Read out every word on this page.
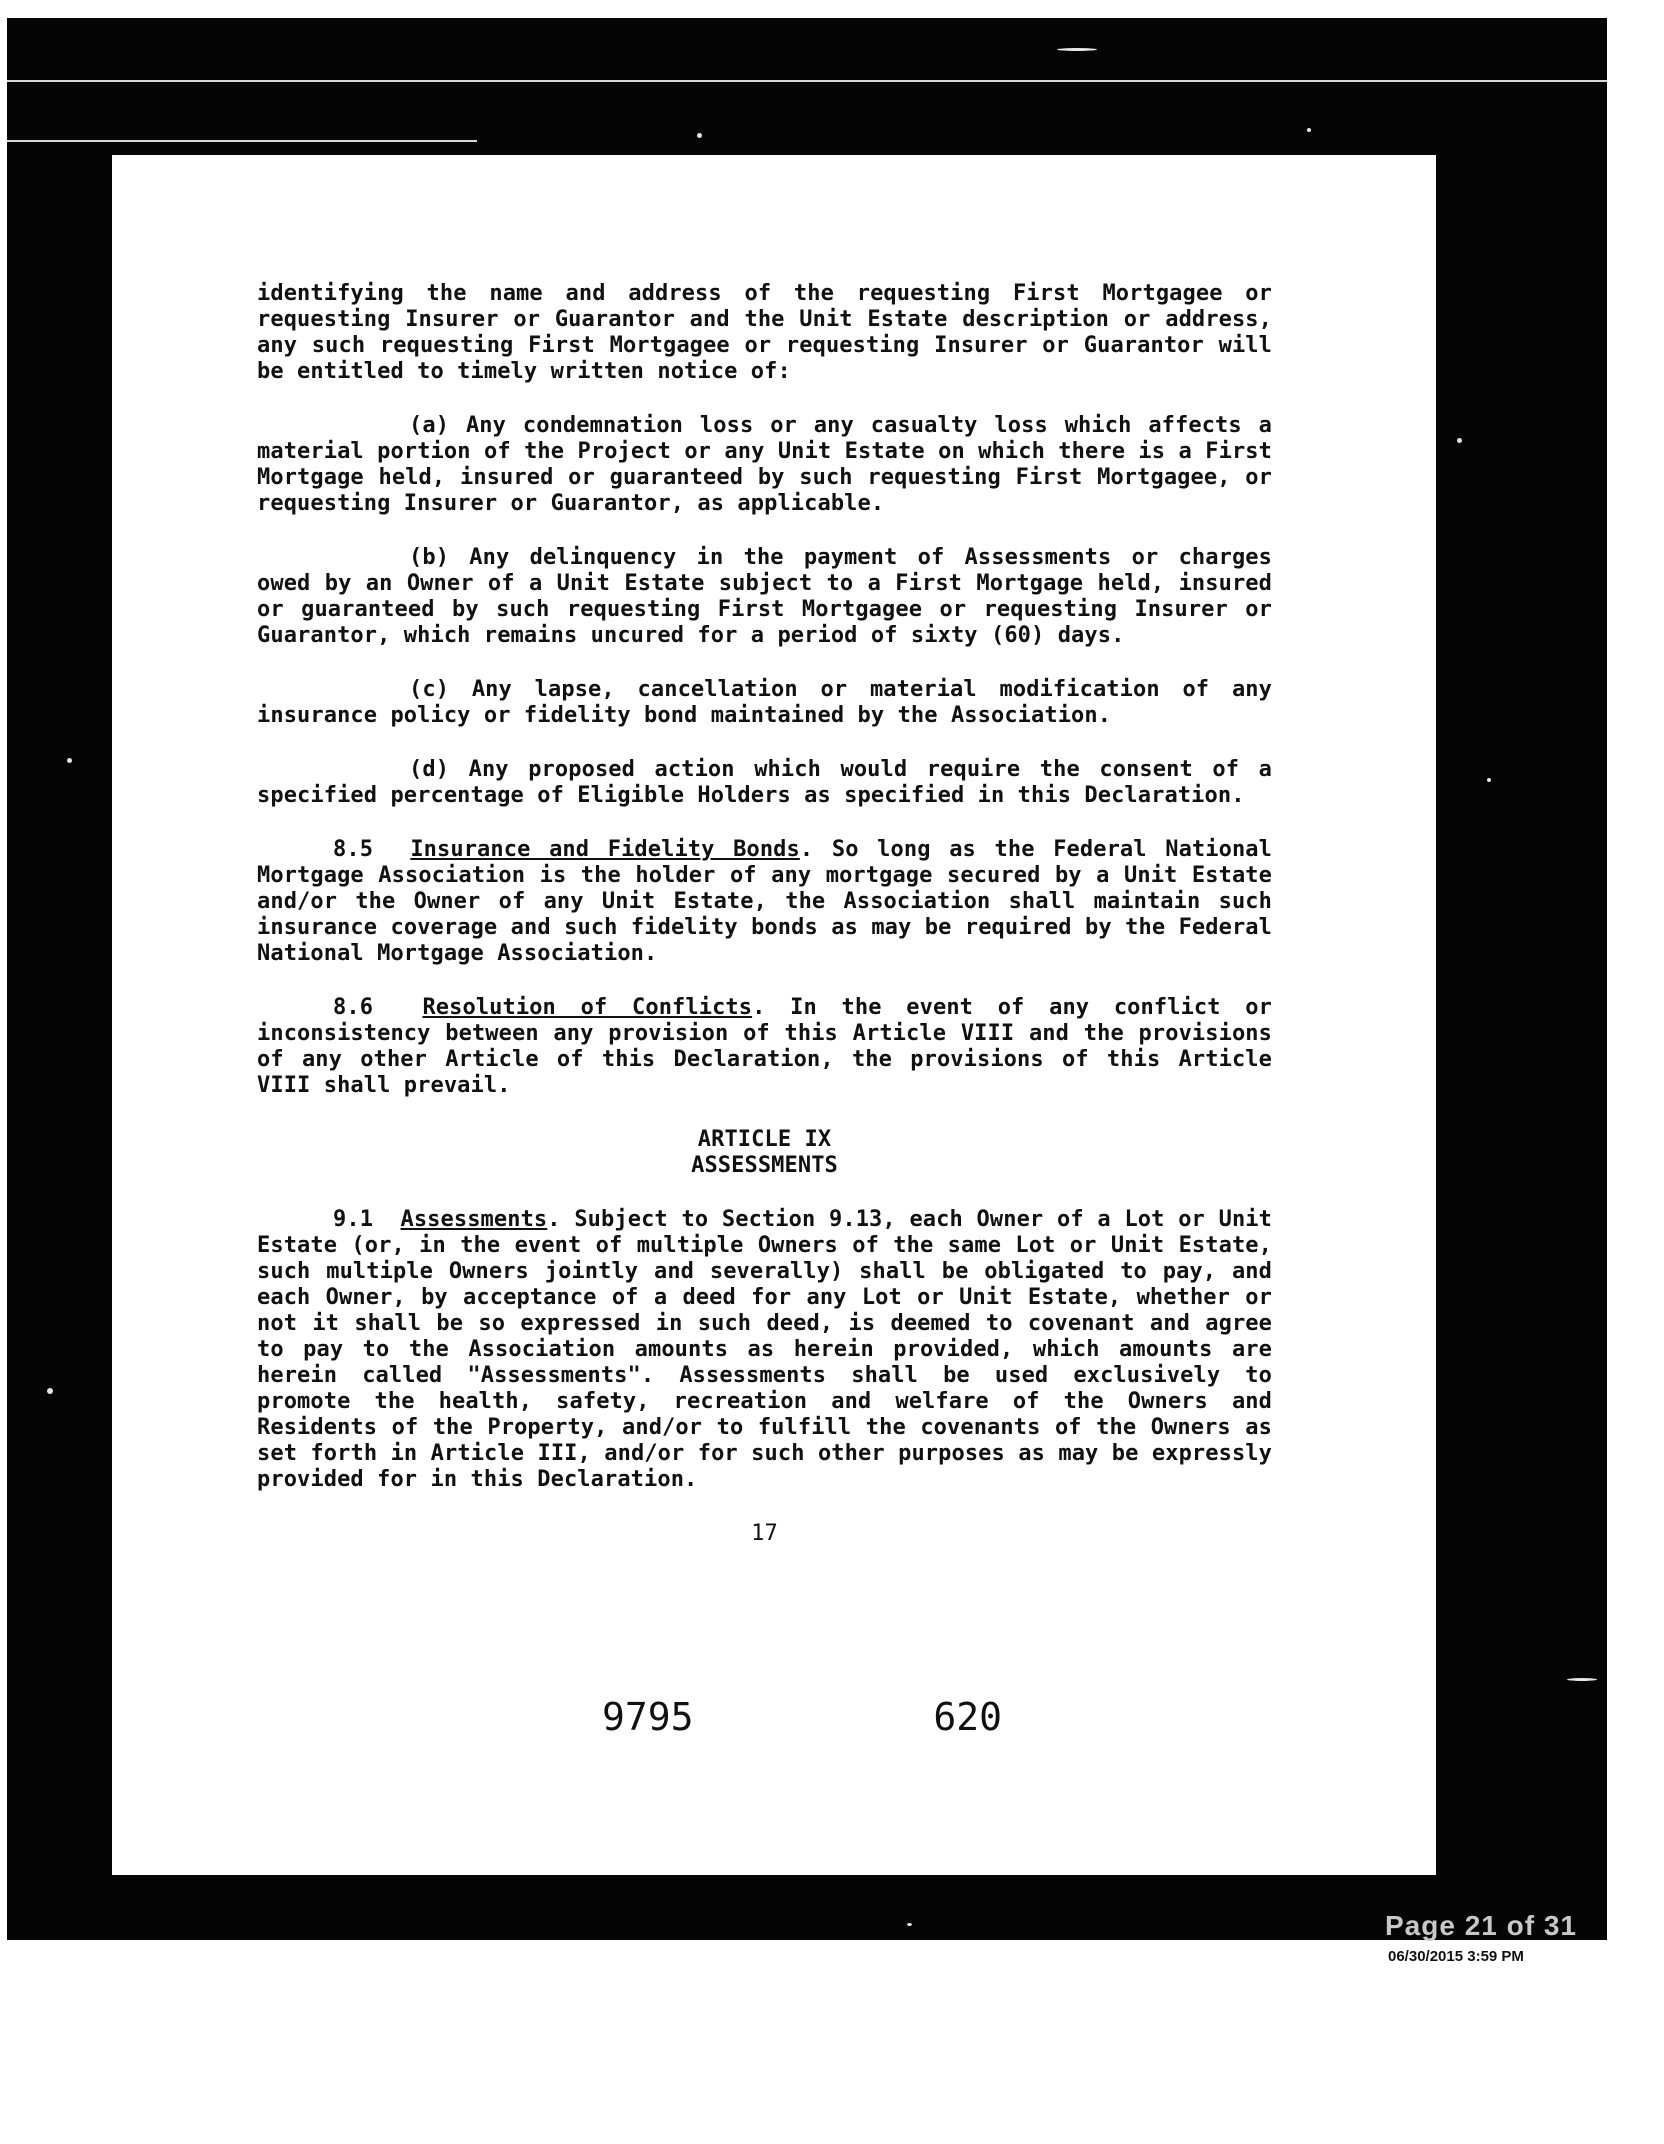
identifying the name and address of the requesting First Mortgagee or requesting Insurer or Guarantor and the Unit Estate description or address, any such requesting First Mortgagee or requesting Insurer or Guarantor will be entitled to timely written notice of:

(a) Any condemnation loss or any casualty loss which affects a material portion of the Project or any Unit Estate on which there is a First Mortgage held, insured or guaranteed by such requesting First Mortgagee, or requesting Insurer or Guarantor, as applicable.

(b) Any delinquency in the payment of Assessments or charges owed by an Owner of a Unit Estate subject to a First Mortgage held, insured or guaranteed by such requesting First Mortgagee or requesting Insurer or Guarantor, which remains uncured for a period of sixty (60) days.

(c) Any lapse, cancellation or material modification of any insurance policy or fidelity bond maintained by the Association.

(d) Any proposed action which would require the consent of a specified percentage of Eligible Holders as specified in this Declaration.

8.5 Insurance and Fidelity Bonds. So long as the Federal National Mortgage Association is the holder of any mortgage secured by a Unit Estate and/or the Owner of any Unit Estate, the Association shall maintain such insurance coverage and such fidelity bonds as may be required by the Federal National Mortgage Association.

8.6 Resolution of Conflicts. In the event of any conflict or inconsistency between any provision of this Article VIII and the provisions of any other Article of this Declaration, the provisions of this Article VIII shall prevail.

ARTICLE IX
ASSESSMENTS

9.1 Assessments. Subject to Section 9.13, each Owner of a Lot or Unit Estate (or, in the event of multiple Owners of the same Lot or Unit Estate, such multiple Owners jointly and severally) shall be obligated to pay, and each Owner, by acceptance of a deed for any Lot or Unit Estate, whether or not it shall be so expressed in such deed, is deemed to covenant and agree to pay to the Association amounts as herein provided, which amounts are herein called "Assessments". Assessments shall be used exclusively to promote the health, safety, recreation and welfare of the Owners and Residents of the Property, and/or to fulfill the covenants of the Owners as set forth in Article III, and/or for such other purposes as may be expressly provided for in this Declaration.

17
9795	620
Page 21 of 31
06/30/2015 3:59 PM
